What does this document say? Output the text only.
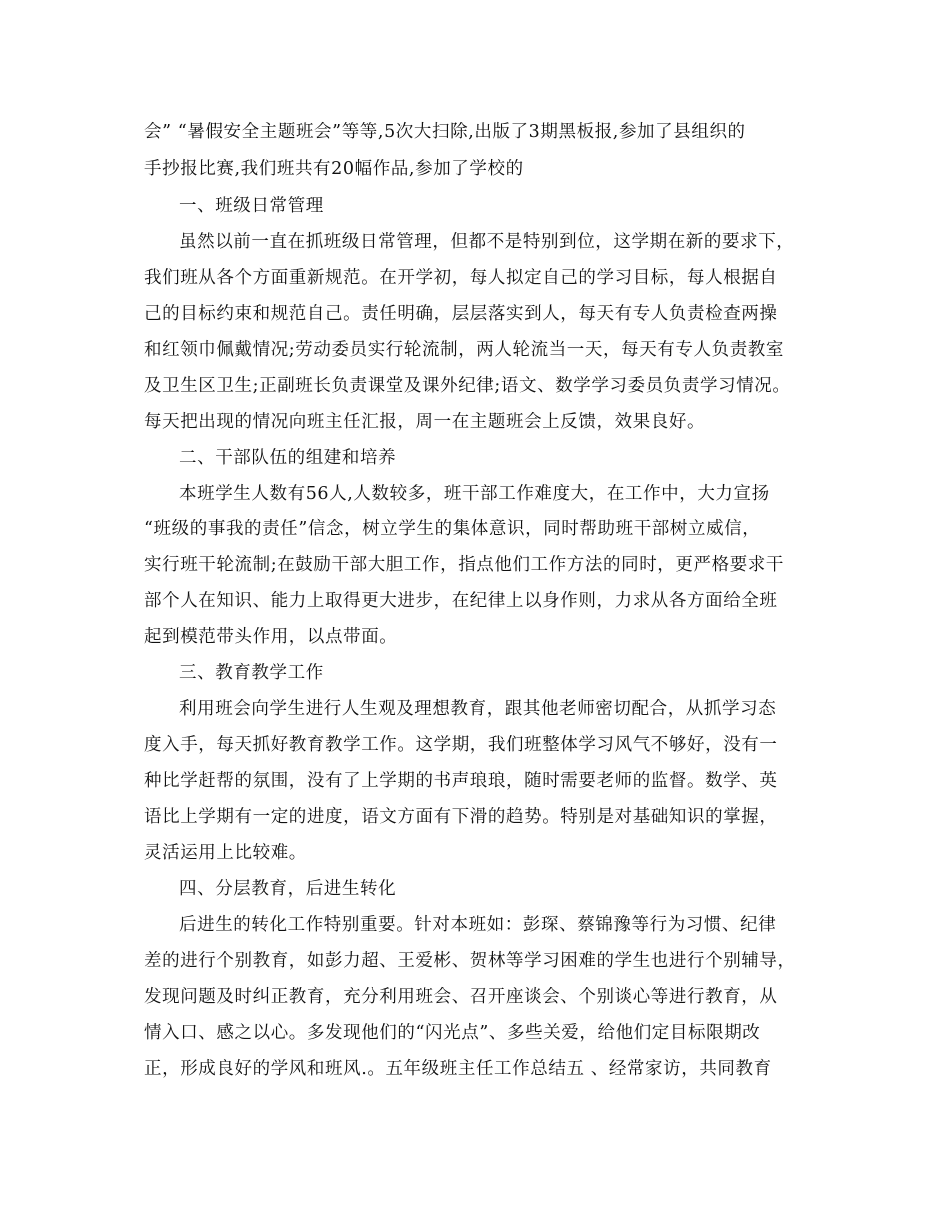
会” “暑假安全主题班会”等等,5次大扫除,出版了3期黑板报,参加了县组织的
手抄报比赛,我们班共有20幅作品,参加了学校的
一、班级日常管理
虽然以前一直在抓班级日常管理，但都不是特别到位，这学期在新的要求下，
我们班从各个方面重新规范。在开学初，每人拟定自己的学习目标，每人根据自
己的目标约束和规范自己。责任明确，层层落实到人，每天有专人负责检查两操
和红领巾佩戴情况;劳动委员实行轮流制，两人轮流当一天，每天有专人负责教室
及卫生区卫生;正副班长负责课堂及课外纪律;语文、数学学习委员负责学习情况。
每天把出现的情况向班主任汇报，周一在主题班会上反馈，效果良好。
二、干部队伍的组建和培养
本班学生人数有56人,人数较多，班干部工作难度大，在工作中，大力宣扬
“班级的事我的责任”信念，树立学生的集体意识，同时帮助班干部树立威信，
实行班干轮流制;在鼓励干部大胆工作，指点他们工作方法的同时，更严格要求干
部个人在知识、能力上取得更大进步，在纪律上以身作则，力求从各方面给全班
起到模范带头作用，以点带面。
三、教育教学工作
利用班会向学生进行人生观及理想教育，跟其他老师密切配合，从抓学习态
度入手，每天抓好教育教学工作。这学期，我们班整体学习风气不够好，没有一
种比学赶帮的氛围，没有了上学期的书声琅琅，随时需要老师的监督。数学、英
语比上学期有一定的进度，语文方面有下滑的趋势。特别是对基础知识的掌握，
灵活运用上比较难。
四、分层教育，后进生转化
后进生的转化工作特别重要。针对本班如：彭琛、蔡锦豫等行为习惯、纪律
差的进行个别教育，如彭力超、王爱彬、贺林等学习困难的学生也进行个别辅导，
发现问题及时纠正教育，充分利用班会、召开座谈会、个别谈心等进行教育，从
情入口、感之以心。多发现他们的“闪光点”、多些关爱，给他们定目标限期改
正，形成良好的学风和班风.。五年级班主任工作总结五 、经常家访，共同教育
